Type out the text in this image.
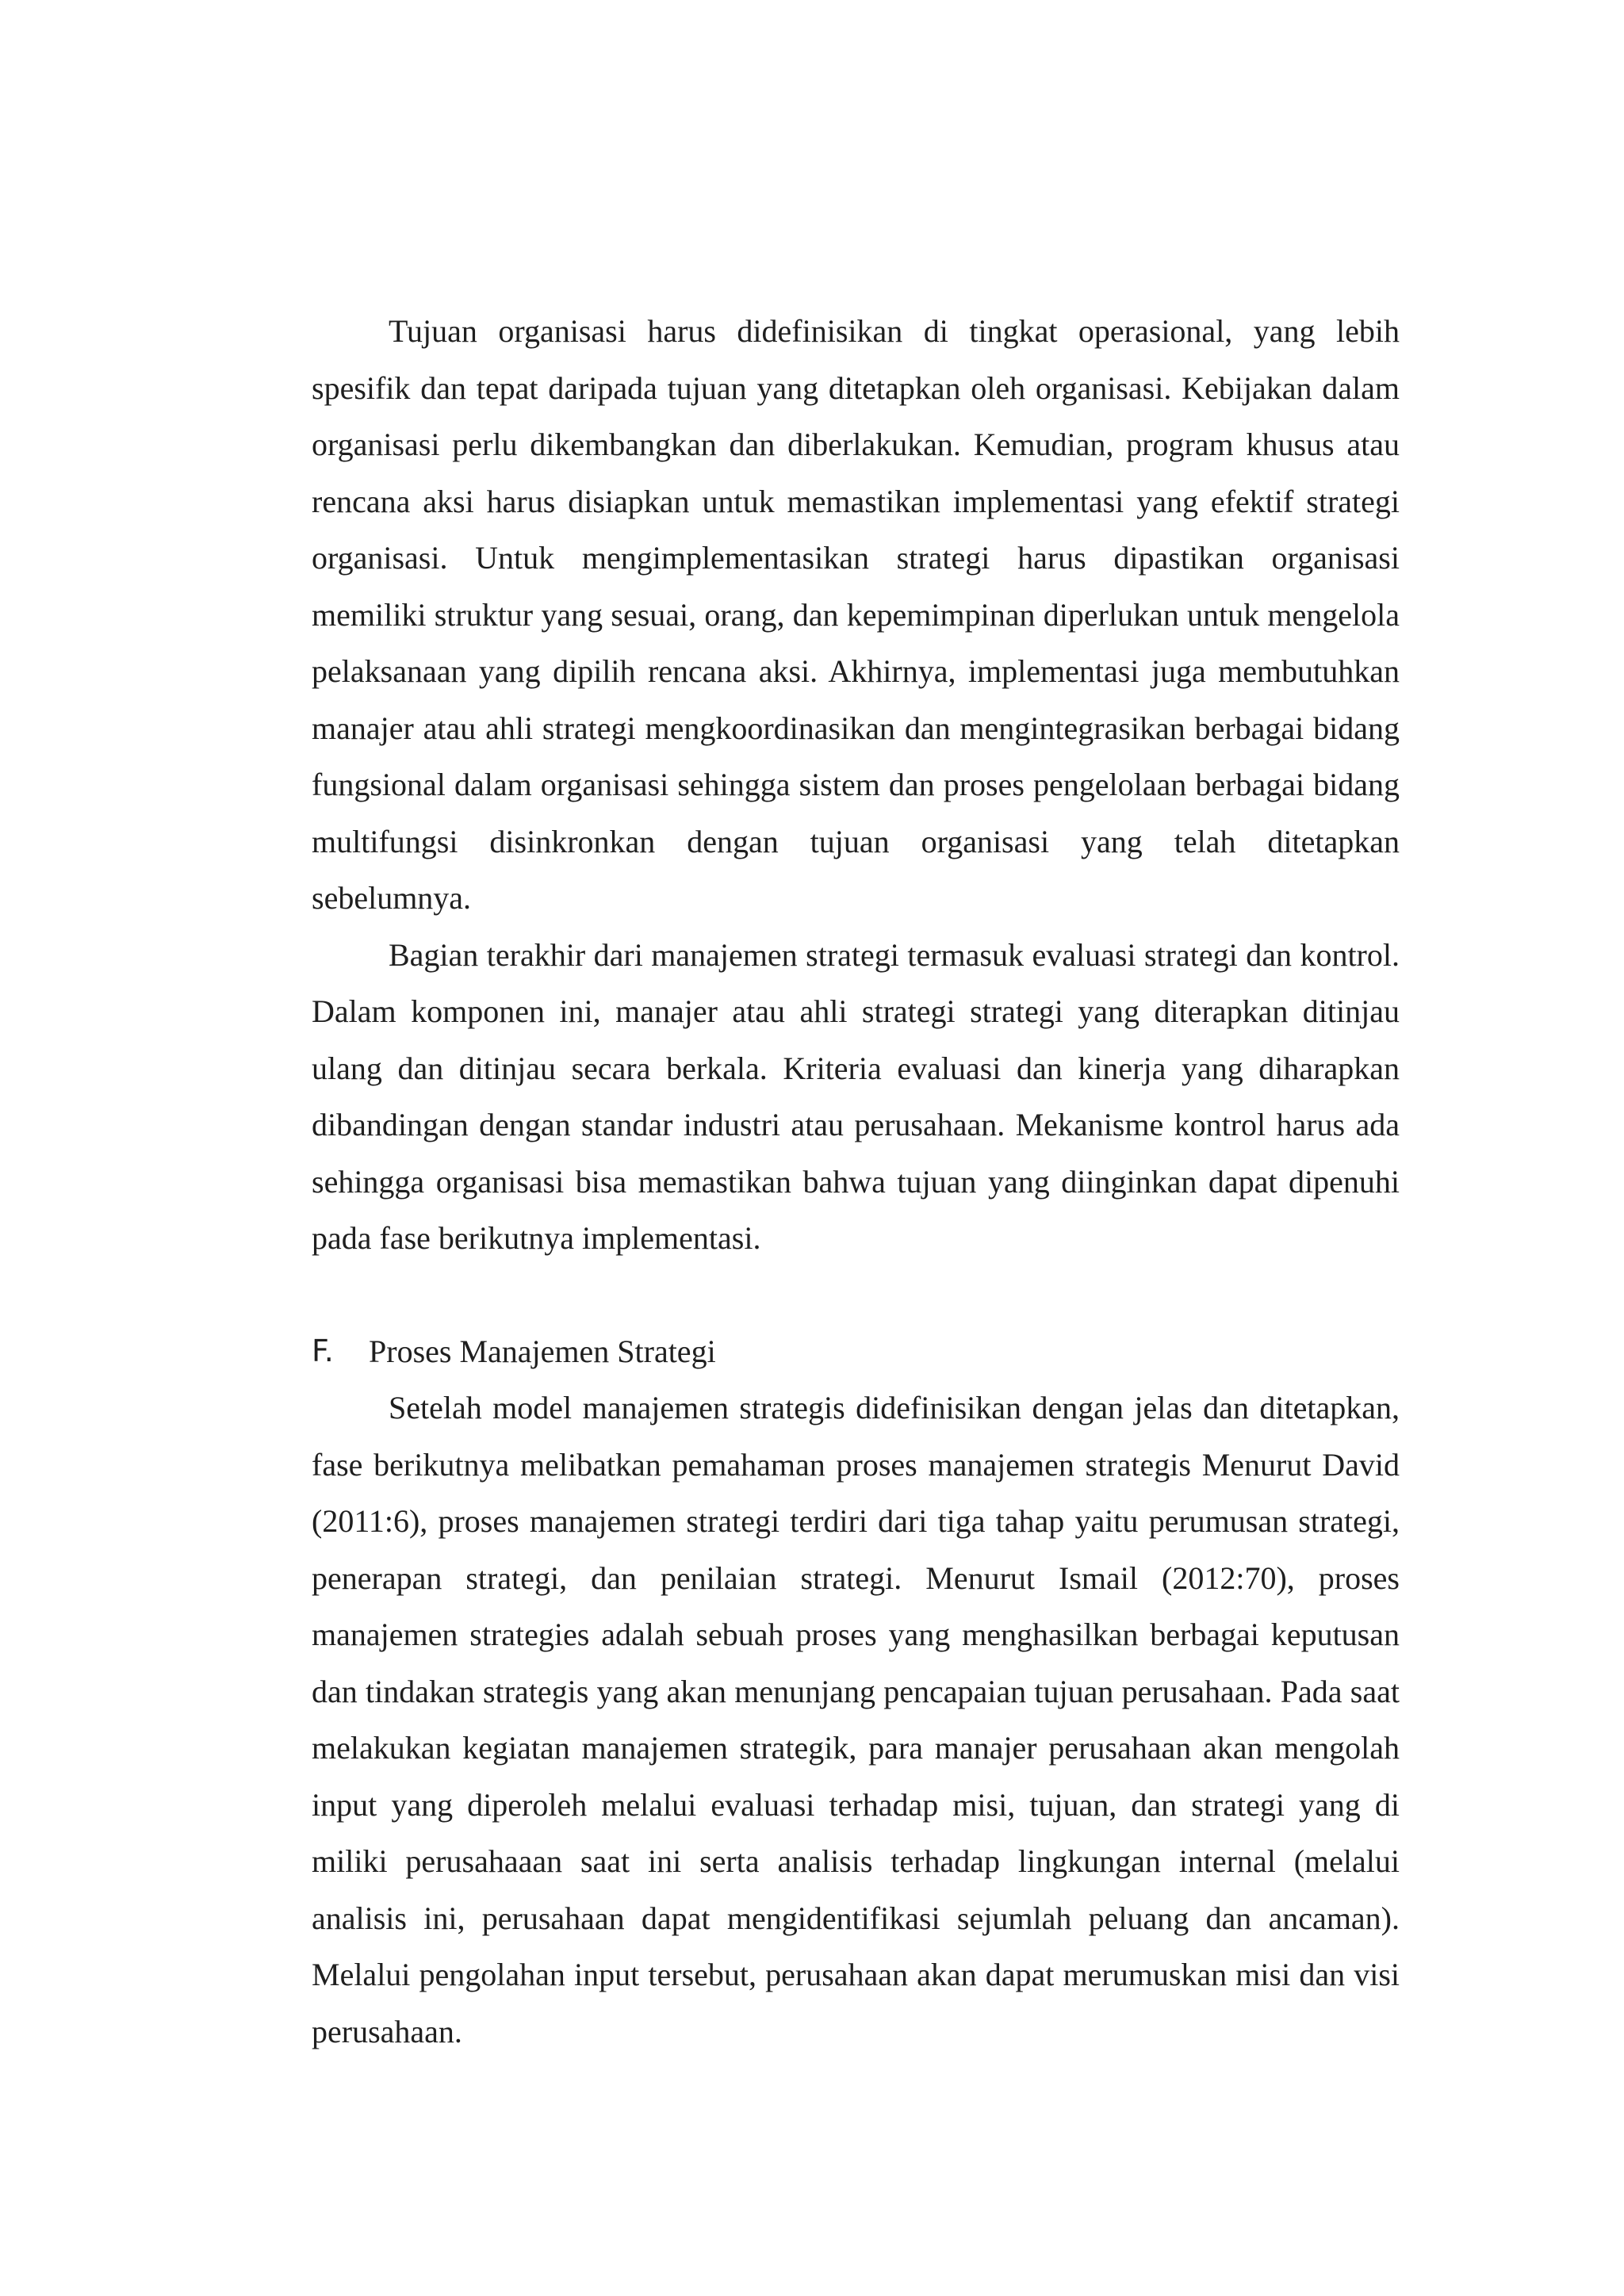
Tujuan organisasi harus didefinisikan di tingkat operasional, yang lebih spesifik dan tepat daripada tujuan yang ditetapkan oleh organisasi. Kebijakan dalam organisasi perlu dikembangkan dan diberlakukan. Kemudian, program khusus atau rencana aksi harus disiapkan untuk memastikan implementasi yang efektif strategi organisasi. Untuk mengimplementasikan strategi harus dipastikan organisasi memiliki struktur yang sesuai, orang, dan kepemimpinan diperlukan untuk mengelola pelaksanaan yang dipilih rencana aksi. Akhirnya, implementasi juga membutuhkan manajer atau ahli strategi mengkoordinasikan dan mengintegrasikan berbagai bidang fungsional dalam organisasi sehingga sistem dan proses pengelolaan berbagai bidang multifungsi disinkronkan dengan tujuan organisasi yang telah ditetapkan sebelumnya.

Bagian terakhir dari manajemen strategi termasuk evaluasi strategi dan kontrol. Dalam komponen ini, manajer atau ahli strategi strategi yang diterapkan ditinjau ulang dan ditinjau secara berkala. Kriteria evaluasi dan kinerja yang diharapkan dibandingan dengan standar industri atau perusahaan. Mekanisme kontrol harus ada sehingga organisasi bisa memastikan bahwa tujuan yang diinginkan dapat dipenuhi pada fase berikutnya implementasi.

F. Proses Manajemen Strategi

Setelah model manajemen strategis didefinisikan dengan jelas dan ditetapkan, fase berikutnya melibatkan pemahaman proses manajemen strategis Menurut David (2011:6), proses manajemen strategi terdiri dari tiga tahap yaitu perumusan strategi, penerapan strategi, dan penilaian strategi. Menurut Ismail (2012:70), proses manajemen strategies adalah sebuah proses yang menghasilkan berbagai keputusan dan tindakan strategis yang akan menunjang pencapaian tujuan perusahaan. Pada saat melakukan kegiatan manajemen strategik, para manajer perusahaan akan mengolah input yang diperoleh melalui evaluasi terhadap misi, tujuan, dan strategi yang di miliki perusahaaan saat ini serta analisis terhadap lingkungan internal (melalui analisis ini, perusahaan dapat mengidentifikasi sejumlah peluang dan ancaman). Melalui pengolahan input tersebut, perusahaan akan dapat merumuskan misi dan visi perusahaan.
